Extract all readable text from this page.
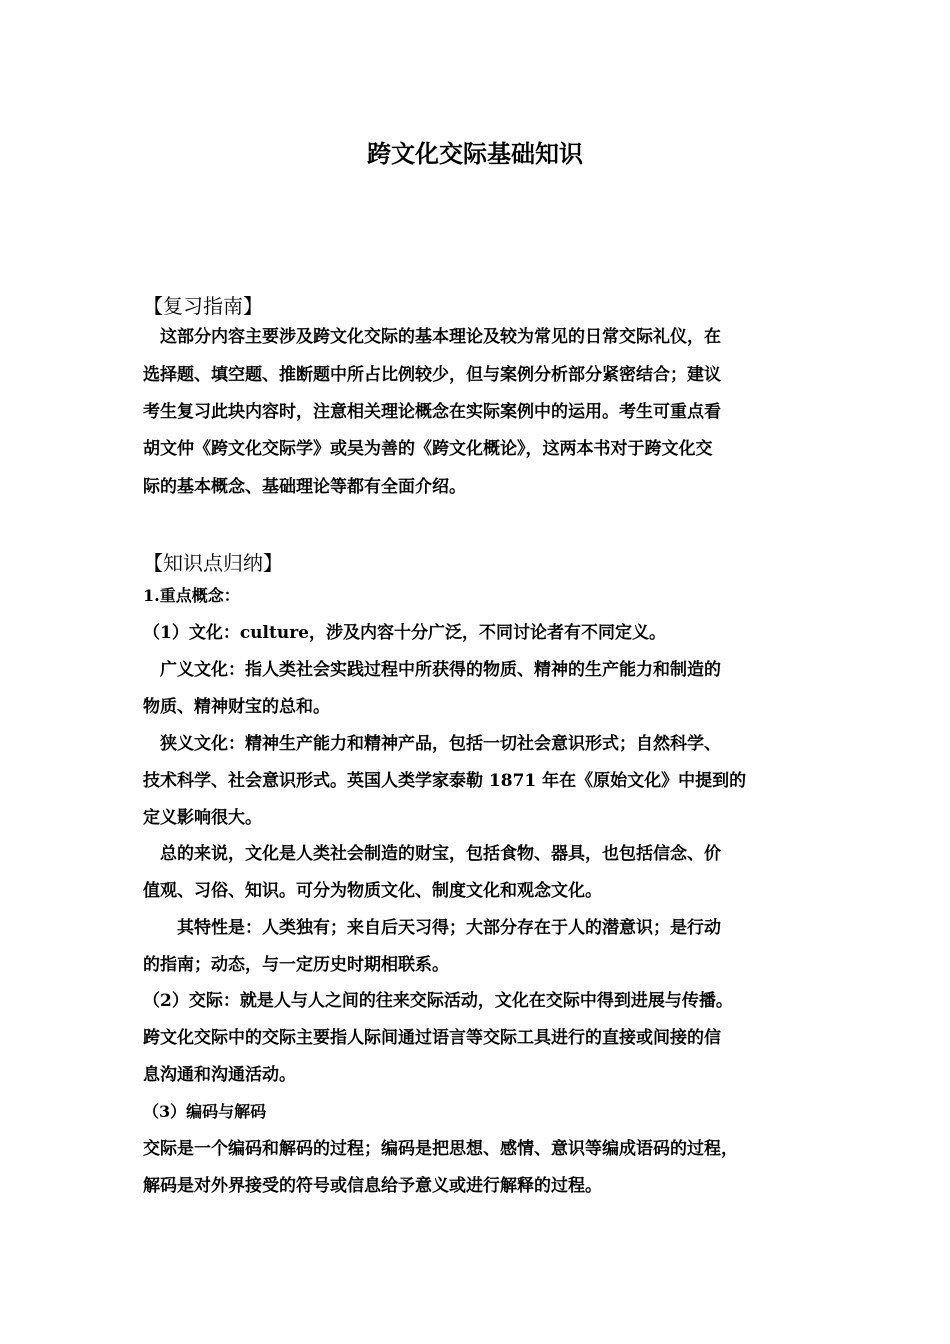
跨文化交际基础知识
【复习指南】
　这部分内容主要涉及跨文化交际的基本理论及较为常见的日常交际礼仪，在
选择题、填空题、推断题中所占比例较少，但与案例分析部分紧密结合；建议
考生复习此块内容时，注意相关理论概念在实际案例中的运用。考生可重点看
胡文仲《跨文化交际学》或吴为善的《跨文化概论》，这两本书对于跨文化交
际的基本概念、基础理论等都有全面介绍。
【知识点归纳】
1.重点概念：
（1）文化：culture，涉及内容十分广泛，不同讨论者有不同定义。
　广义文化：指人类社会实践过程中所获得的物质、精神的生产能力和制造的
物质、精神财宝的总和。
　狭义文化：精神生产能力和精神产品，包括一切社会意识形式；自然科学、
技术科学、社会意识形式。英国人类学家泰勒 1871 年在《原始文化》中提到的
定义影响很大。
　总的来说，文化是人类社会制造的财宝，包括食物、器具，也包括信念、价
值观、习俗、知识。可分为物质文化、制度文化和观念文化。
　　其特性是：人类独有；来自后天习得；大部分存在于人的潜意识；是行动
的指南；动态，与一定历史时期相联系。
（2）交际：就是人与人之间的往来交际活动，文化在交际中得到进展与传播。
跨文化交际中的交际主要指人际间通过语言等交际工具进行的直接或间接的信
息沟通和沟通活动。
（3）编码与解码
交际是一个编码和解码的过程；编码是把思想、感情、意识等编成语码的过程，
解码是对外界接受的符号或信息给予意义或进行解释的过程。
